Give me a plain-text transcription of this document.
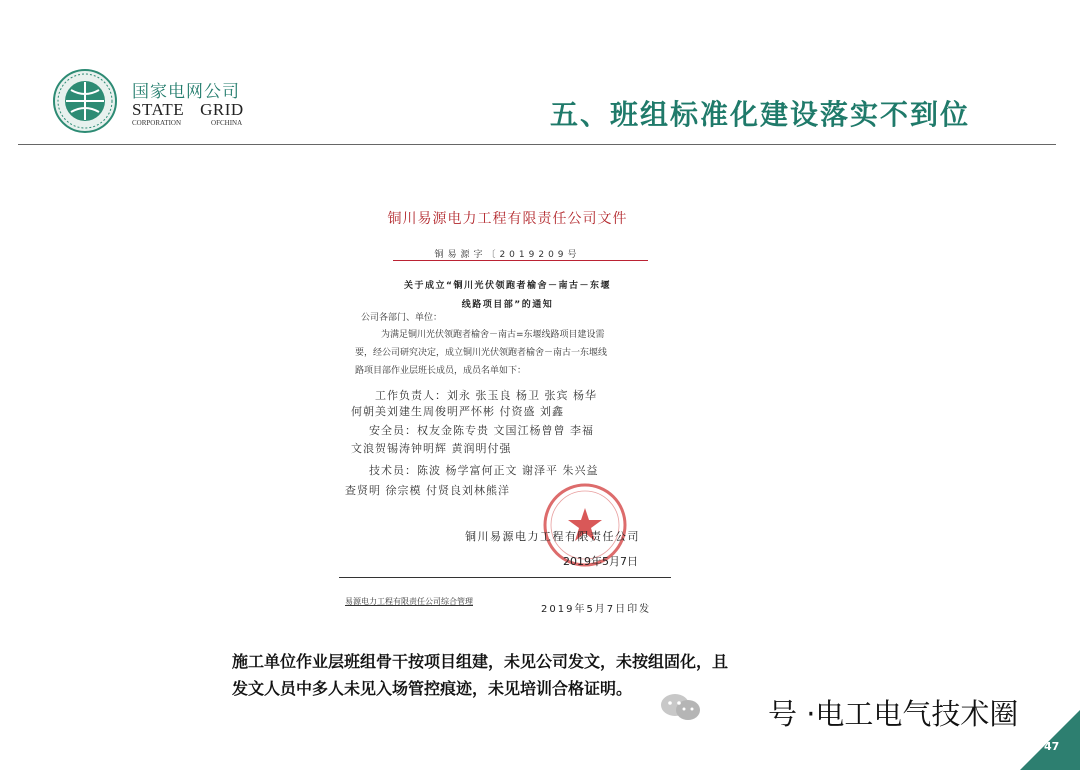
国家电网公司
STATE GRID
CORPORATION	OFCHINA	五、班组标准化建设落实不到位
铜川易源电力工程有限责任公司文件
铜易源字〔2019209号
关于成立“铜川光伏领跑者榆舍－南古－东堰
线路项目部”的通知
公司各部门、单位：
为满足铜川光伏领跑者榆舍－南古=东堰线路项目建设需
要，经公司研究决定，成立铜川光伏领跑者榆舍－南古一东堰线
路项目部作业层班长成员，成员名单如下：
工作负责人：刘永 张玉良 杨卫 张宾 杨华
何朝美刘建生周俊明严怀彬 付资盛 刘鑫
安全员：权友金陈专贵 文国江杨曾曾 李福
文浪贺锡涛钟明辉 黄润明付强
技术员：陈波 杨学富何正文 谢泽平 朱兴益
查贤明 徐宗模 付贤良刘林熊洋
铜川易源电力工程有限责任公司
2019年5月7日
易源电力工程有限责任公司综合管理
2019年5月7日印发
施工单位作业层班组骨干按项目组建，未见公司发文，未按组固化，且
发文人员中多人未见入场管控痕迹，未见培训合格证明。
号 ·电工电气技术圈
47
